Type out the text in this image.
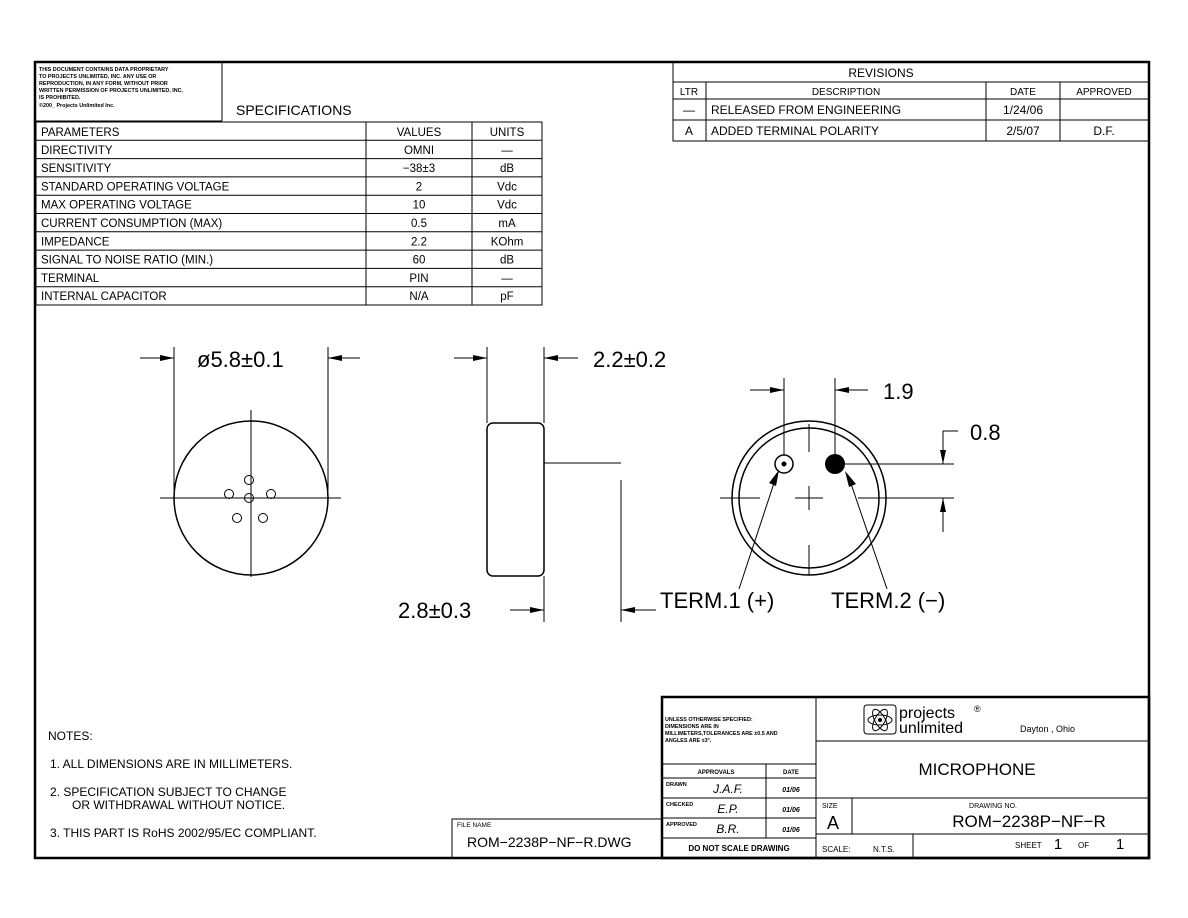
THIS DOCUMENT CONTAINS DATA PROPRIETARY
TO PROJECTS UNLIMITED, INC. ANY USE OR
REPRODUCTION, IN ANY FORM, WITHOUT PRIOR
WRITTEN PERMISSION OF PROJECTS UNLIMITED, INC.
IS PROHIBITED.
©200_ Projects Unlimited Inc.	SPECIFICATIONS
PARAMETERS	VALUES	UNITS
DIRECTIVITY	OMNI	—
SENSITIVITY	−38±3	dB
STANDARD OPERATING VOLTAGE	2	Vdc
MAX OPERATING VOLTAGE	10	Vdc
CURRENT CONSUMPTION (MAX)	0.5	mA
IMPEDANCE	2.2	KOhm
SIGNAL TO NOISE RATIO (MIN.)	60	dB
TERMINAL	PIN	—
INTERNAL CAPACITOR	N/A	pF
REVISIONS
LTR	DESCRIPTION	DATE	APPROVED
— RELEASED FROM ENGINEERING	1/24/06
A ADDED TERMINAL POLARITY	2/5/07	D.F.
ø5.8±0.1	2.2±0.2
2.8±0.3
1.9
0.8
TERM.1 (+)	TERM.2 (−)
NOTES:
1. ALL DIMENSIONS ARE IN MILLIMETERS.
2. SPECIFICATION SUBJECT TO CHANGE
OR WITHDRAWAL WITHOUT NOTICE.
3. THIS PART IS RoHS 2002/95/EC COMPLIANT.
FILE NAME
ROM−2238P−NF−R.DWG
UNLESS OTHERWISE SPECIFIED:
DIMENSIONS ARE IN
MILLIMETERS,TOLERANCES ARE ±0.5 AND
ANGLES ARE ±3°.
APPROVALS	DATE
DRAWN J.A.F.	01/06
CHECKED E.P.	01/06
APPROVED B.R.	01/06
DO NOT SCALE DRAWING
projects ®
unlimited	Dayton , Ohio
MICROPHONE
SIZE
A
DRAWING NO.
ROM−2238P−NF−R
SCALE:	N.T.S.	SHEET 1 OF 1
